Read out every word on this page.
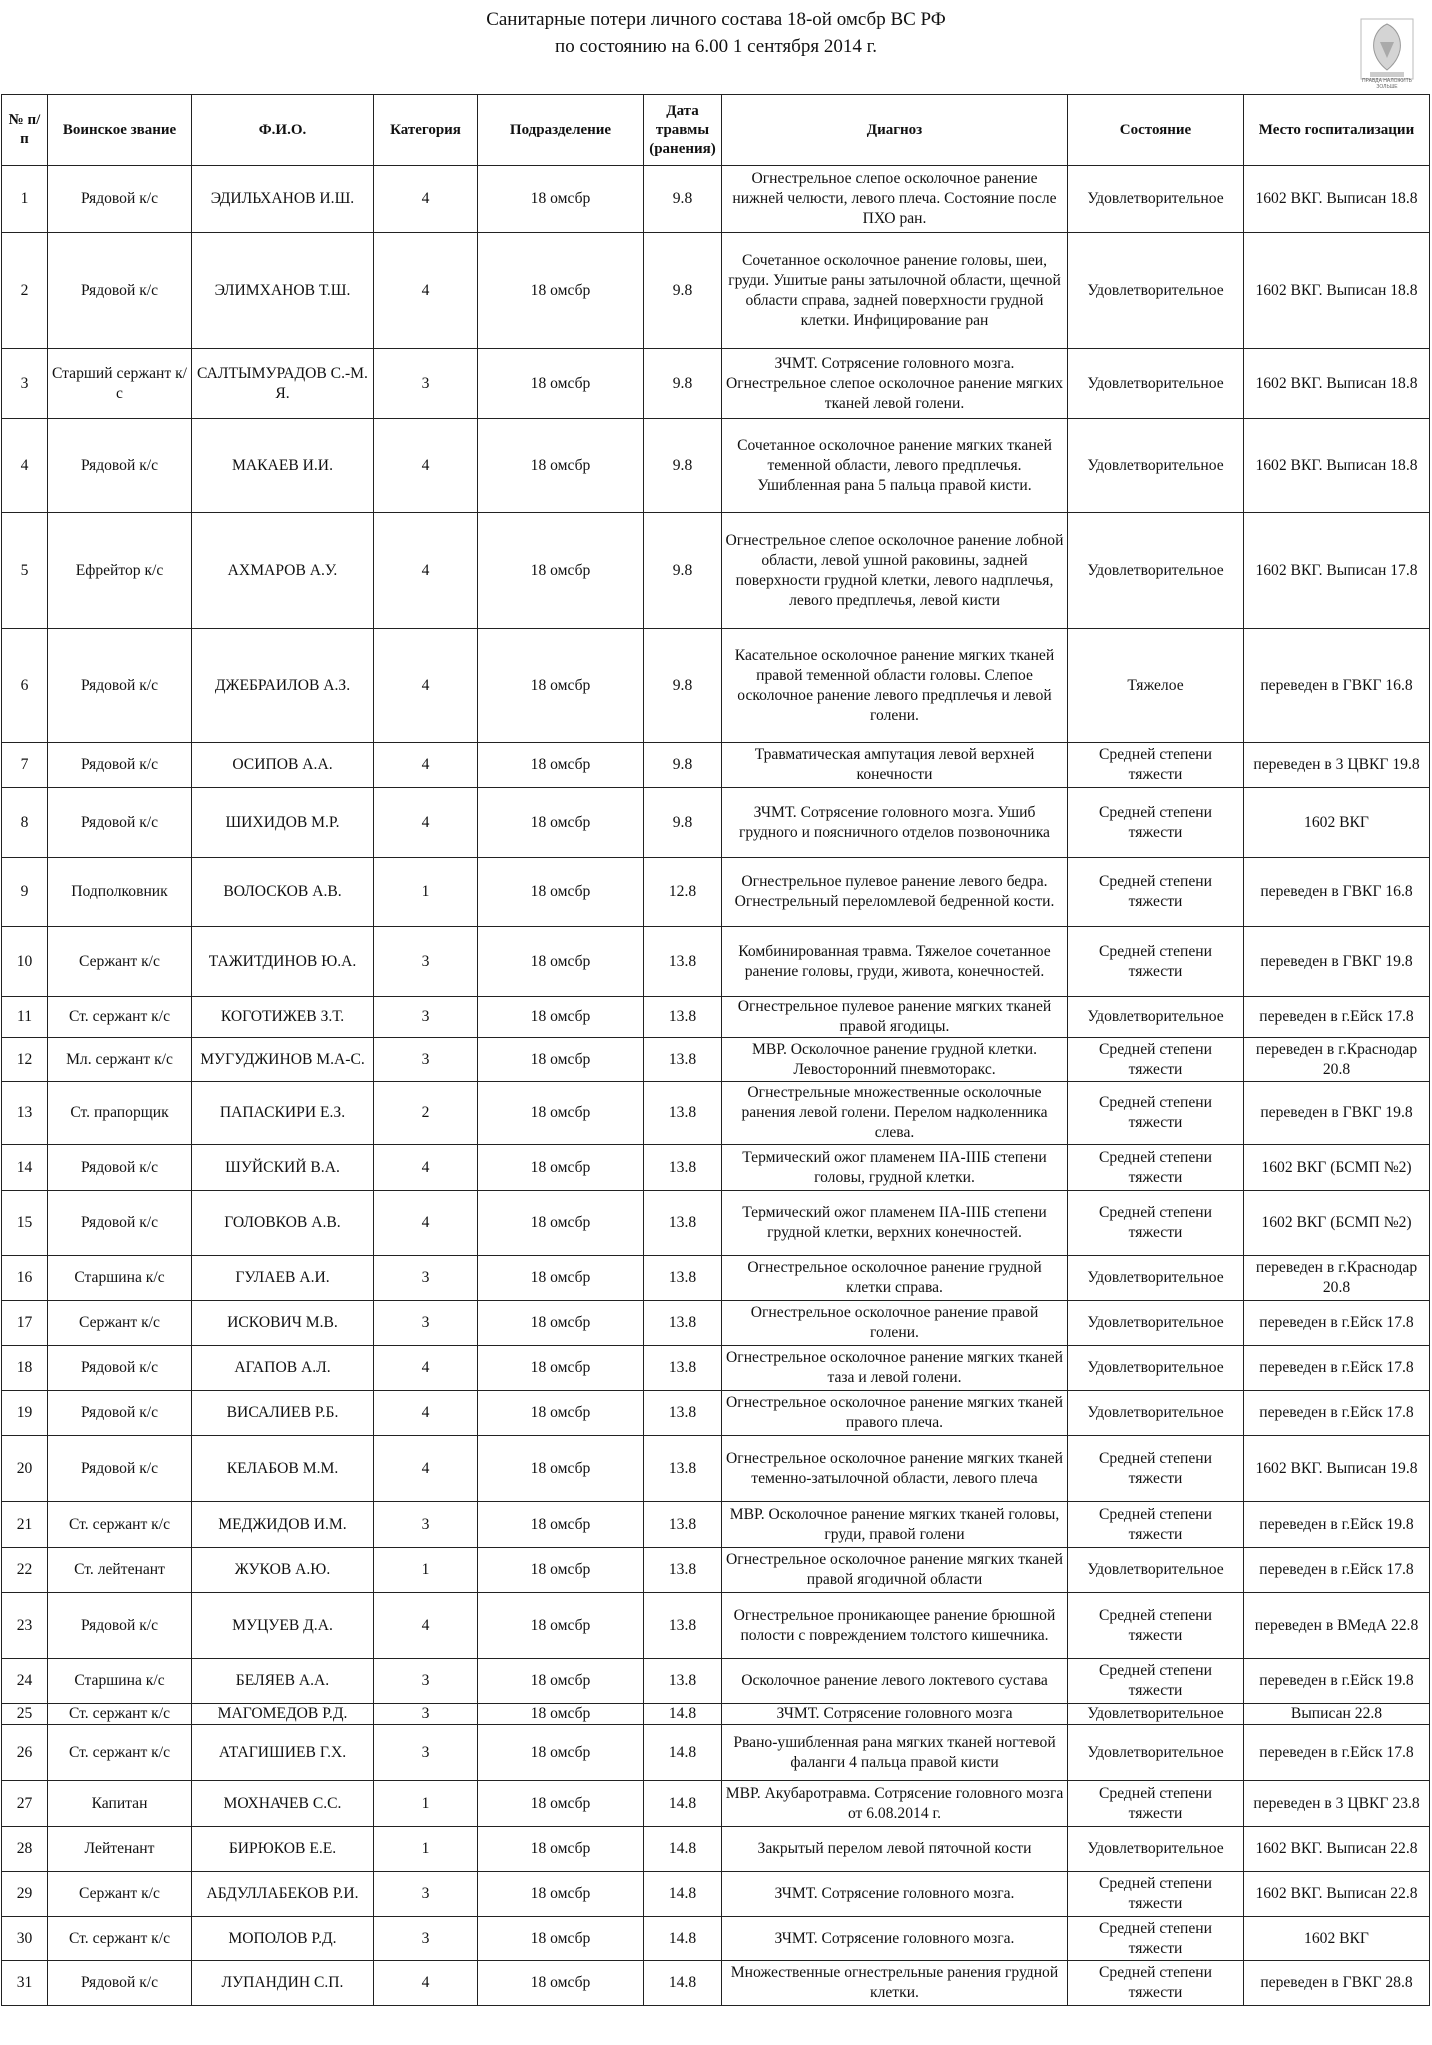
Санитарные потери личного состава 18-ой омсбр ВС РФ
по состоянию на 6.00 1 сентября 2014 г.
ПРАВДА НАЛОЖИТЬ ЗОЛЬШЕ
№ п/п	Воинское звание	Ф.И.О.	Категория	Подразделение	Дата травмы (ранения)	Диагноз	Состояние	Место госпитализации
1	Рядовой к/с	ЭДИЛЬХАНОВ И.Ш.	4	18 омсбр	9.8	Огнестрельное слепое осколочное ранение нижней челюсти, левого плеча. Состояние после ПХО ран.	Удовлетворительное	1602 ВКГ. Выписан 18.8
2	Рядовой к/с	ЭЛИМХАНОВ Т.Ш.	4	18 омсбр	9.8	Сочетанное осколочное ранение головы, шеи, груди. Ушитые раны затылочной области, щечной области справа, задней поверхности грудной клетки. Инфицирование ран	Удовлетворительное	1602 ВКГ. Выписан 18.8
3	Старший сержант к/с	САЛТЫМУРАДОВ С.-М. Я.	3	18 омсбр	9.8	ЗЧМТ. Сотрясение головного мозга. Огнестрельное слепое осколочное ранение мягких тканей левой голени.	Удовлетворительное	1602 ВКГ. Выписан 18.8
4	Рядовой к/с	МАКАЕВ И.И.	4	18 омсбр	9.8	Сочетанное осколочное ранение мягких тканей теменной области, левого предплечья. Ушибленная рана 5 пальца правой кисти.	Удовлетворительное	1602 ВКГ. Выписан 18.8
5	Ефрейтор к/с	АХМАРОВ А.У.	4	18 омсбр	9.8	Огнестрельное слепое осколочное ранение лобной области, левой ушной раковины, задней поверхности грудной клетки, левого надплечья, левого предплечья, левой кисти	Удовлетворительное	1602 ВКГ. Выписан 17.8
6	Рядовой к/с	ДЖЕБРАИЛОВ А.З.	4	18 омсбр	9.8	Касательное осколочное ранение мягких тканей правой теменной области головы. Слепое осколочное ранение левого предплечья и левой голени.	Тяжелое	переведен в ГВКГ 16.8
7	Рядовой к/с	ОСИПОВ А.А.	4	18 омсбр	9.8	Травматическая ампутация левой верхней конечности	Средней степени тяжести	переведен в 3 ЦВКГ 19.8
8	Рядовой к/с	ШИХИДОВ М.Р.	4	18 омсбр	9.8	ЗЧМТ. Сотрясение головного мозга. Ушиб грудного и поясничного отделов позвоночника	Средней степени тяжести	1602 ВКГ
9	Подполковник	ВОЛОСКОВ А.В.	1	18 омсбр	12.8	Огнестрельное пулевое ранение левого бедра. Огнестрельный переломлевой бедренной кости.	Средней степени тяжести	переведен в ГВКГ 16.8
10	Сержант к/с	ТАЖИТДИНОВ Ю.А.	3	18 омсбр	13.8	Комбинированная травма. Тяжелое сочетанное ранение головы, груди, живота, конечностей.	Средней степени тяжести	переведен в ГВКГ 19.8
11	Ст. сержант к/с	КОГОТИЖЕВ З.Т.	3	18 омсбр	13.8	Огнестрельное пулевое ранение мягких тканей правой ягодицы.	Удовлетворительное	переведен в г.Ейск 17.8
12	Мл. сержант к/с	МУГУДЖИНОВ М.А-С.	3	18 омсбр	13.8	МВР. Осколочное ранение грудной клетки. Левосторонний пневмоторакс.	Средней степени тяжести	переведен в г.Краснодар 20.8
13	Ст. прапорщик	ПАПАСКИРИ Е.З.	2	18 омсбр	13.8	Огнестрельные множественные осколочные ранения левой голени. Перелом надколенника слева.	Средней степени тяжести	переведен в ГВКГ 19.8
14	Рядовой к/с	ШУЙСКИЙ В.А.	4	18 омсбр	13.8	Термический ожог пламенем IIA-IIIБ степени головы, грудной клетки.	Средней степени тяжести	1602 ВКГ (БСМП №2)
15	Рядовой к/с	ГОЛОВКОВ А.В.	4	18 омсбр	13.8	Термический ожог пламенем IIA-IIIБ степени грудной клетки, верхних конечностей.	Средней степени тяжести	1602 ВКГ (БСМП №2)
16	Старшина к/с	ГУЛАЕВ А.И.	3	18 омсбр	13.8	Огнестрельное осколочное ранение грудной клетки справа.	Удовлетворительное	переведен в г.Краснодар 20.8
17	Сержант к/с	ИСКОВИЧ М.В.	3	18 омсбр	13.8	Огнестрельное осколочное ранение правой голени.	Удовлетворительное	переведен в г.Ейск 17.8
18	Рядовой к/с	АГАПОВ А.Л.	4	18 омсбр	13.8	Огнестрельное осколочное ранение мягких тканей таза и левой голени.	Удовлетворительное	переведен в г.Ейск 17.8
19	Рядовой к/с	ВИСАЛИЕВ Р.Б.	4	18 омсбр	13.8	Огнестрельное осколочное ранение мягких тканей правого плеча.	Удовлетворительное	переведен в г.Ейск 17.8
20	Рядовой к/с	КЕЛАБОВ М.М.	4	18 омсбр	13.8	Огнестрельное осколочное ранение мягких тканей теменно-затылочной области, левого плеча	Средней степени тяжести	1602 ВКГ. Выписан 19.8
21	Ст. сержант к/с	МЕДЖИДОВ И.М.	3	18 омсбр	13.8	МВР. Осколочное ранение мягких тканей головы, груди, правой голени	Средней степени тяжести	переведен в г.Ейск 19.8
22	Ст. лейтенант	ЖУКОВ А.Ю.	1	18 омсбр	13.8	Огнестрельное осколочное ранение мягких тканей правой ягодичной области	Удовлетворительное	переведен в г.Ейск 17.8
23	Рядовой к/с	МУЦУЕВ Д.А.	4	18 омсбр	13.8	Огнестрельное проникающее ранение брюшной полости с повреждением толстого кишечника.	Средней степени тяжести	переведен в ВМедА 22.8
24	Старшина к/с	БЕЛЯЕВ А.А.	3	18 омсбр	13.8	Осколочное ранение левого локтевого сустава	Средней степени тяжести	переведен в г.Ейск 19.8
25	Ст. сержант к/с	МАГОМЕДОВ Р.Д.	3	18 омсбр	14.8	ЗЧМТ. Сотрясение головного мозга	Удовлетворительное	Выписан 22.8
26	Ст. сержант к/с	АТАГИШИЕВ Г.Х.	3	18 омсбр	14.8	Рвано-ушибленная рана мягких тканей ногтевой фаланги 4 пальца правой кисти	Удовлетворительное	переведен в г.Ейск 17.8
27	Капитан	МОХНАЧЕВ С.С.	1	18 омсбр	14.8	МВР. Акубаротравма. Сотрясение головного мозга от 6.08.2014 г.	Средней степени тяжести	переведен в 3 ЦВКГ 23.8
28	Лейтенант	БИРЮКОВ Е.Е.	1	18 омсбр	14.8	Закрытый перелом левой пяточной кости	Удовлетворительное	1602 ВКГ. Выписан 22.8
29	Сержант к/с	АБДУЛЛАБЕКОВ Р.И.	3	18 омсбр	14.8	ЗЧМТ. Сотрясение головного мозга.	Средней степени тяжести	1602 ВКГ. Выписан 22.8
30	Ст. сержант к/с	МОПОЛОВ Р.Д.	3	18 омсбр	14.8	ЗЧМТ. Сотрясение головного мозга.	Средней степени тяжести	1602 ВКГ
31	Рядовой к/с	ЛУПАНДИН С.П.	4	18 омсбр	14.8	Множественные огнестрельные ранения грудной клетки.	Средней степени тяжести	переведен в ГВКГ 28.8
